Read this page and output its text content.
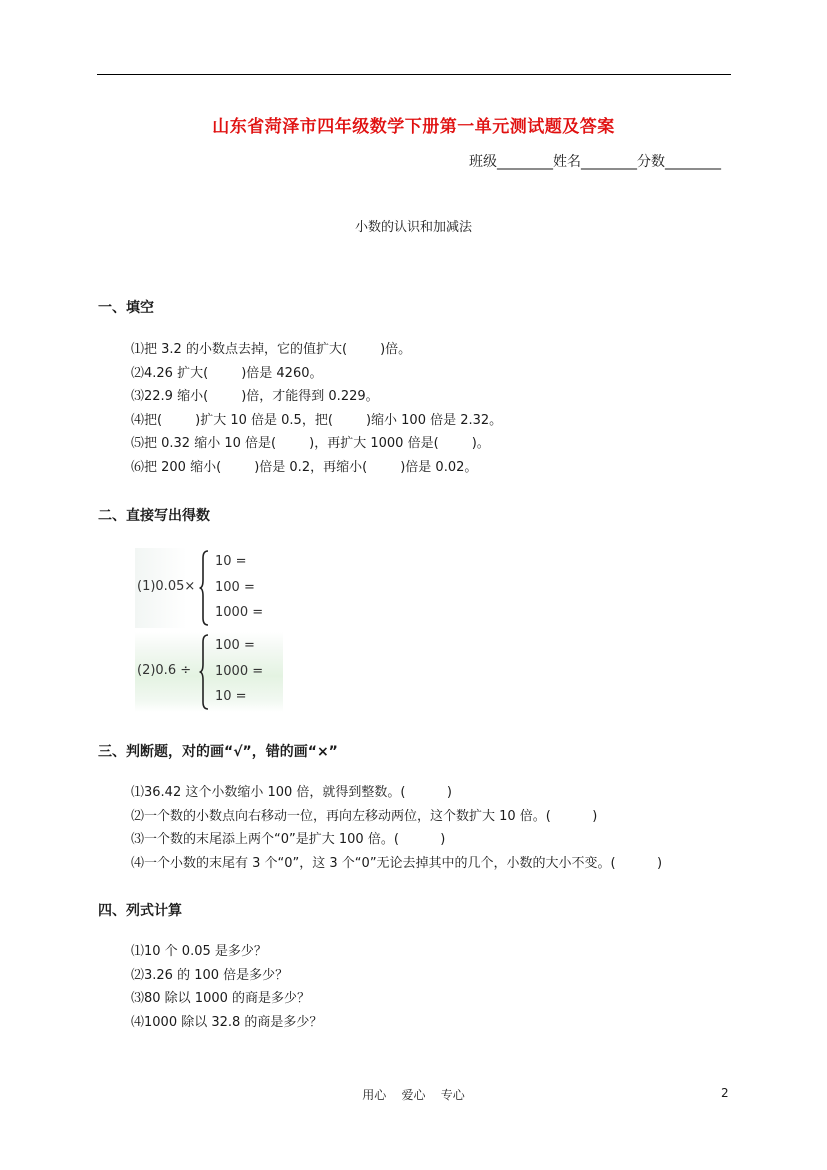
山东省菏泽市四年级数学下册第一单元测试题及答案
班级________姓名________分数________
小数的认识和加减法
一、填空
⑴把 3.2 的小数点去掉，它的值扩大(        )倍。
⑵4.26 扩大(        )倍是 4260。
⑶22.9 缩小(        )倍，才能得到 0.229。
⑷把(        )扩大 10 倍是 0.5，把(        )缩小 100 倍是 2.32。
⑸把 0.32 缩小 10 倍是(        )，再扩大 1000 倍是(        )。
⑹把 200 缩小(        )倍是 0.2，再缩小(        )倍是 0.02。
二、直接写出得数
(1)0.05×
10 =
100 =
1000 =
(2)0.6 ÷
100 =
1000 =
10 =
三、判断题，对的画“√”，错的画“×”
⑴36.42 这个小数缩小 100 倍，就得到整数。(          )
⑵一个数的小数点向右移动一位，再向左移动两位，这个数扩大 10 倍。(          )
⑶一个数的末尾添上两个“0”是扩大 100 倍。(          )
⑷一个小数的末尾有 3 个“0”，这 3 个“0”无论去掉其中的几个，小数的大小不变。(          )
四、列式计算
⑴10 个 0.05 是多少？
⑵3.26 的 100 倍是多少？
⑶80 除以 1000 的商是多少？
⑷1000 除以 32.8 的商是多少？
用心    爱心    专心	2
